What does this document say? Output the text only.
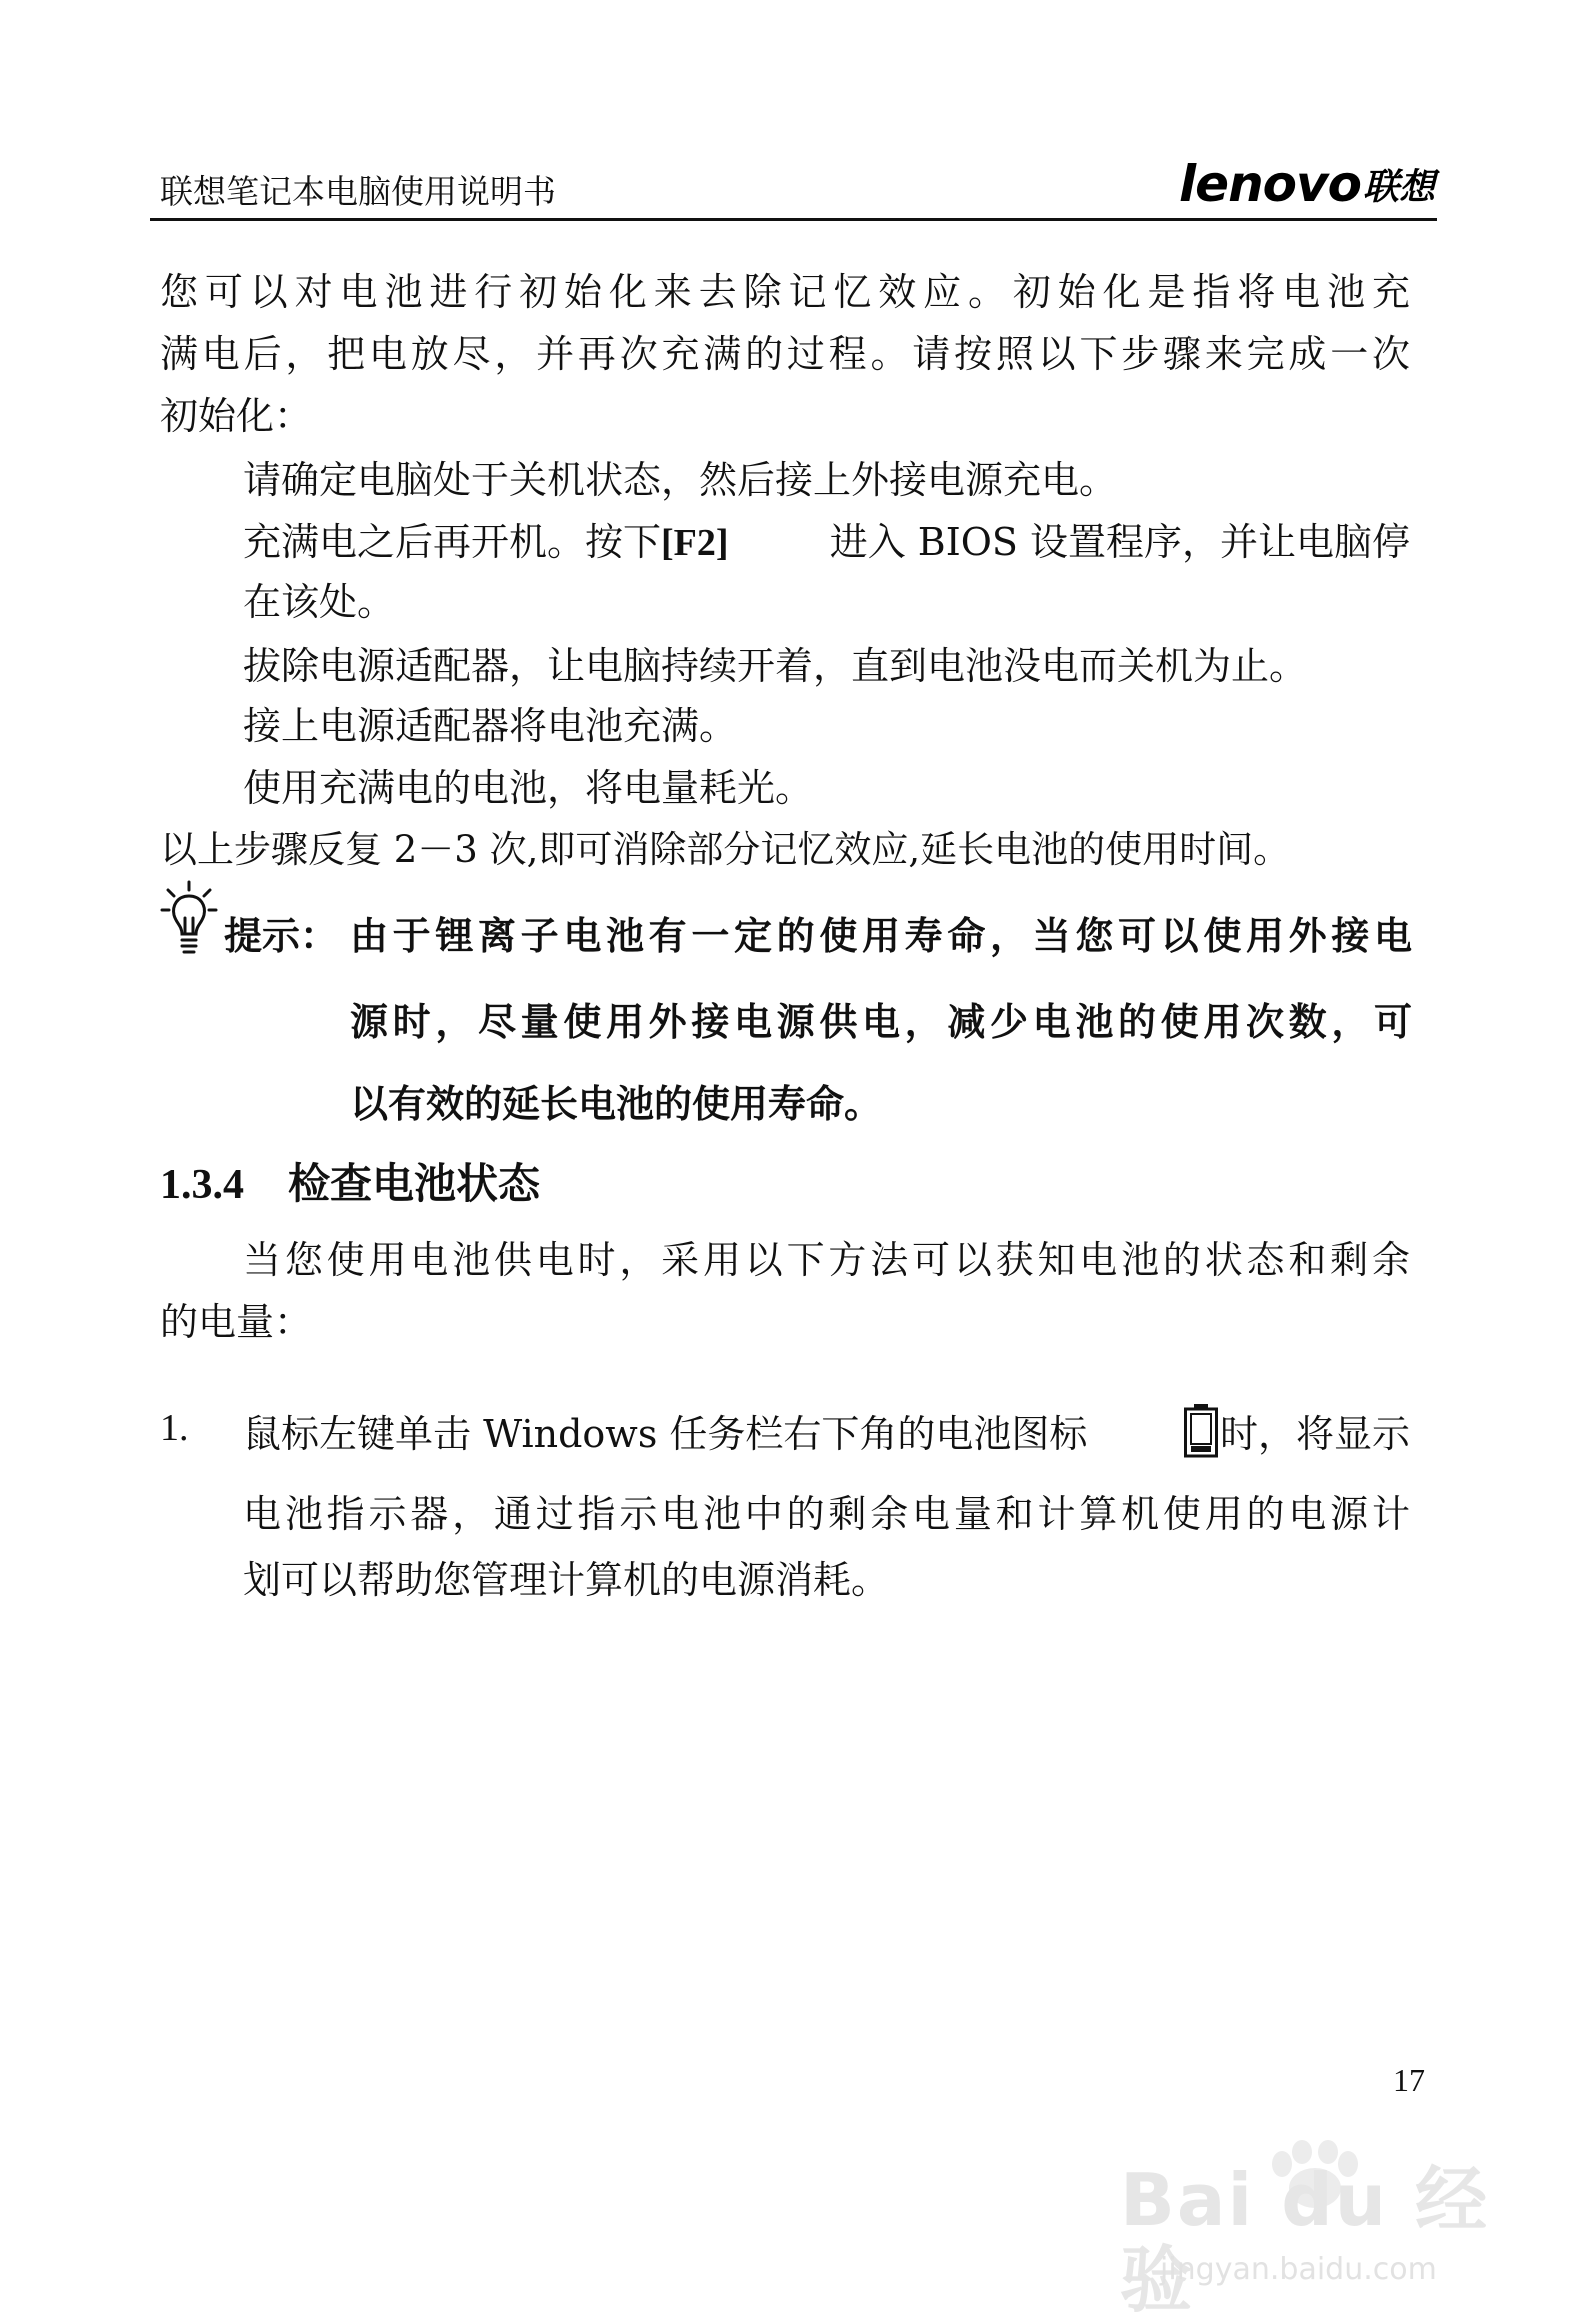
联想笔记本电脑使用说明书	lenovo 联想
您可以对电池进行初始化来去除记忆效应。初始化是指将电池充
满电后，把电放尽，并再次充满的过程。请按照以下步骤来完成一次
初始化：
请确定电脑处于关机状态，然后接上外接电源充电。
充满电之后再开机。按下[F2]	进入 BIOS 设置程序，并让电脑停
在该处。
拔除电源适配器，让电脑持续开着，直到电池没电而关机为止。
接上电源适配器将电池充满。
使用充满电的电池，将电量耗光。
以上步骤反复 2－3 次,即可消除部分记忆效应,延长电池的使用时间。
提示： 由于锂离子电池有一定的使用寿命，当您可以使用外接电
源时，尽量使用外接电源供电，减少电池的使用次数，可
以有效的延长电池的使用寿命。
1.3.4 检查电池状态
当您使用电池供电时，采用以下方法可以获知电池的状态和剩余
的电量：
1. 鼠标左键单击 Windows 任务栏右下角的电池图标	时，将显示
电池指示器，通过指示电池中的剩余电量和计算机使用的电源计
划可以帮助您管理计算机的电源消耗。
17
Bai du 经验
jingyan.baidu.com
